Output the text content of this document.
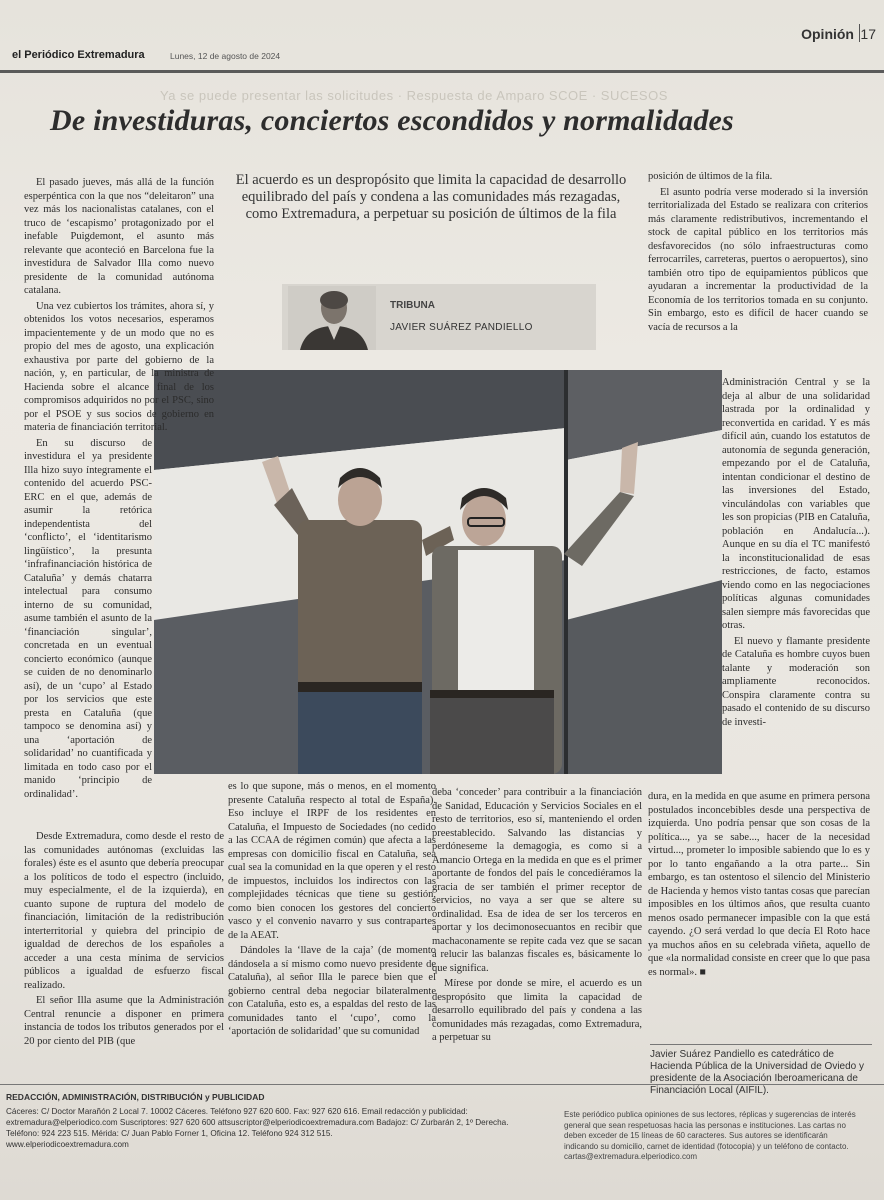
el Periódico Extremadura	Lunes, 12 de agosto de 2024
Opinión 17
Ya se puede presentar las solicitudes · Respuesta de Amparo SCOE · SUCESOS
De investiduras, conciertos escondidos y normalidades
El acuerdo es un despropósito que limita la capacidad de desarrollo equilibrado del país y condena a las comunidades más rezagadas, como Extremadura, a perpetuar su posición de últimos de la fila
TRIBUNA
JAVIER SUÁREZ PANDIELLO

El pasado jueves, más allá de la función esperpéntica con la que nos “deleitaron” una vez más los nacionalistas catalanes, con el truco de ‘escapismo’ protagonizado por el inefable Puigdemont, el asunto más relevante que aconteció en Barcelona fue la investidura de Salvador Illa como nuevo presidente de la comunidad autónoma catalana.

Una vez cubiertos los trámites, ahora sí, y obtenidos los votos necesarios, esperamos impacientemente y de un modo que no es propio del mes de agosto, una explicación exhaustiva por parte del gobierno de la nación, y, en particular, de la ministra de Hacienda sobre el alcance final de los compromisos adquiridos no por el PSC, sino por el PSOE y sus socios de gobierno en materia de financiación territorial.

En su discurso de investidura el ya presidente Illa hizo suyo íntegramente el contenido del acuerdo PSC-ERC en el que, además de asumir la retórica independentista del ‘conflicto’, el ‘identitarismo lingüístico’, la presunta ‘infrafinanciación histórica de Cataluña’ y demás chatarra intelectual para consumo interno de su comunidad, asume también el asunto de la ‘financiación singular’, concretada en un eventual concierto económico (aunque se cuiden de no denominarlo así), de un ‘cupo’ al Estado por los servicios que este presta en Cataluña (que tampoco se denomina así) y una ‘aportación de solidaridad’ no cuantificada y limitada en todo caso por el manido ‘principio de ordinalidad’.

Desde Extremadura, como desde el resto de las comunidades autónomas (excluidas las forales) éste es el asunto que debería preocupar a los políticos de todo el espectro (incluido, muy especialmente, el de la izquierda), en cuanto supone de ruptura del modelo de financiación, limitación de la redistribución interterritorial y quiebra del principio de igualdad de derechos de los españoles a acceder a una cesta mínima de servicios públicos a igualdad de esfuerzo fiscal realizado.

El señor Illa asume que la Administración Central renuncie a disponer en primera instancia de todos los tributos generados por el 20 por ciento del PIB (que

es lo que supone, más o menos, en el momento presente Cataluña respecto al total de España). Eso incluye el IRPF de los residentes en Cataluña, el Impuesto de Sociedades (no cedido a las CCAA de régimen común) que afecta a las empresas con domicilio fiscal en Cataluña, sea cual sea la comunidad en la que operen y el resto de impuestos, incluidos los indirectos con las complejidades técnicas que tiene su gestión, como bien conocen los gestores del concierto vasco y el convenio navarro y sus contrapartes de la AEAT.

Dándoles la ‘llave de la caja’ (de momento dándosela a sí mismo como nuevo presidente de Cataluña), al señor Illa le parece bien que el gobierno central deba negociar bilateralmente con Cataluña, esto es, a espaldas del resto de las comunidades tanto el ‘cupo’, como la ‘aportación de solidaridad’ que su comunidad

deba ‘conceder’ para contribuir a la financiación de Sanidad, Educación y Servicios Sociales en el resto de territorios, eso sí, manteniendo el orden preestablecido. Salvando las distancias y perdóneseme la demagogia, es como si a Amancio Ortega en la medida en que es el primer aportante de fondos del país le concediéramos la gracia de ser también el primer receptor de servicios, no vaya a ser que se altere su ordinalidad. Esa de idea de ser los terceros en aportar y los decimonosecuantos en recibir que machaconamente se repite cada vez que se sacan a relucir las balanzas fiscales es, básicamente lo que significa.

Mírese por donde se mire, el acuerdo es un despropósito que limita la capacidad de desarrollo equilibrado del país y condena a las comunidades más rezagadas, como Extremadura, a perpetuar su

posición de últimos de la fila.

El asunto podría verse moderado si la inversión territorializada del Estado se realizara con criterios más claramente redistributivos, incrementando el stock de capital público en los territorios más desfavorecidos (no sólo infraestructuras como ferrocarriles, carreteras, puertos o aeropuertos), sino también otro tipo de equipamientos públicos que ayudaran a incrementar la productividad de la Economía de los territorios tomada en su conjunto. Sin embargo, esto es difícil de hacer cuando se vacía de recursos a la

Administración Central y se la deja al albur de una solidaridad lastrada por la ordinalidad y reconvertida en caridad. Y es más difícil aún, cuando los estatutos de autonomía de segunda generación, empezando por el de Cataluña, intentan condicionar el destino de las inversiones del Estado, vinculándolas con variables que les son propicias (PIB en Cataluña, población en Andalucía...). Aunque en su día el TC manifestó la inconstitucionalidad de esas restricciones, de facto, estamos viendo como en las negociaciones políticas algunas comunidades salen siempre más favorecidas que otras.

El nuevo y flamante presidente de Cataluña es hombre cuyos buen talante y moderación son ampliamente reconocidos. Conspira claramente contra su pasado el contenido de su discurso de investi-

dura, en la medida en que asume en primera persona postulados inconcebibles desde una perspectiva de izquierda. Uno podría pensar que son cosas de la política..., ya se sabe..., hacer de la necesidad virtud..., prometer lo imposible sabiendo que lo es y por lo tanto engañando a la otra parte... Sin embargo, es tan ostentoso el silencio del Ministerio de Hacienda y hemos visto tantas cosas que parecían imposibles en los últimos años, que resulta cuanto menos osado permanecer impasible con la que está cayendo. ¿O será verdad lo que decía El Roto hace ya muchos años en su celebrada viñeta, aquello de que «la normalidad consiste en creer que lo que pasa es normal». ■

Javier Suárez Pandiello es catedrático de Hacienda Pública de la Universidad de Oviedo y presidente de la Asociación Iberoamericana de Financiación Local (AIFIL).
REDACCIÓN, ADMINISTRACIÓN, DISTRIBUCIÓN y PUBLICIDAD
Cáceres: C/ Doctor Marañón 2 Local 7. 10002 Cáceres. Teléfono 927 620 600. Fax: 927 620 616. Email redacción y publicidad: extremadura@elperiodico.com Suscriptores: 927 620 600 attsuscriptor@elperiodicoextremadura.com Badajoz: C/ Zurbarán 2, 1º Derecha. Teléfono: 924 223 515. Mérida: C/ Juan Pablo Forner 1, Oficina 12. Teléfono 924 312 515.
www.elperiodicoextremadura.com
Este periódico publica opiniones de sus lectores, réplicas y sugerencias de interés general que sean respetuosas hacia las personas e instituciones. Las cartas no deben exceder de 15 líneas de 60 caracteres. Sus autores se identificarán indicando su domicilio, carnet de identidad (fotocopia) y un teléfono de contacto. cartas@extremadura.elperiodico.com
